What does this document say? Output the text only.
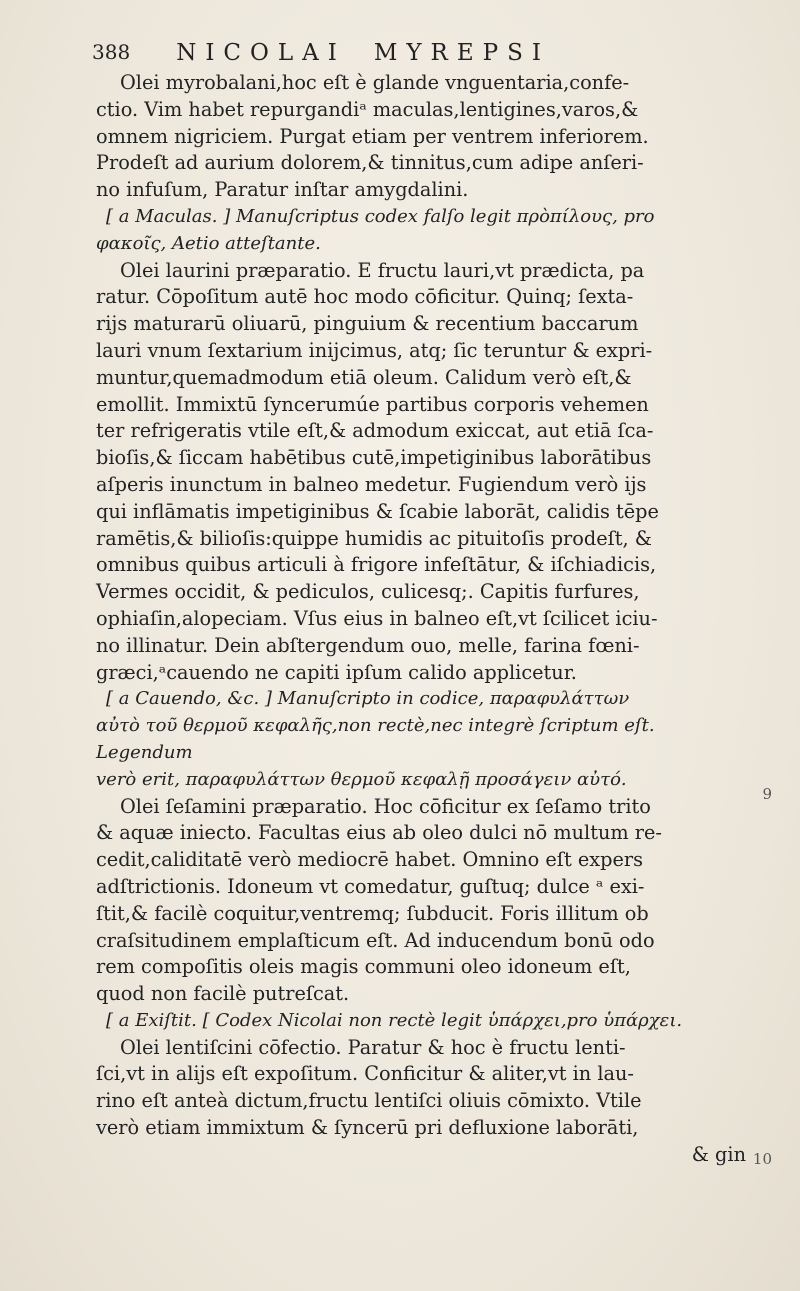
388 NICOLAI MYREPSI

Olei myrobalani,hoc eſt è glande vnguentaria,confe-

ctio. Vim habet repurgandiᵃ maculas,lentigines,varos,&

omnem nigriciem. Purgat etiam per ventrem inferiorem.

Prodeſt ad aurium dolorem,& tinnitus,cum adipe anſeri-

no infuſum, Paratur inſtar amygdalini.

[ a Maculas. ] Manuſcriptus codex falſo legit πρὸπίλους, pro

φακοῖς, Aetio atteſtante.

Olei laurini præparatio. E fructu lauri,vt prædicta, pa

ratur. Cōpoſitum autē hoc modo cōficitur. Quinq; ſexta-

rijs maturarū oliuarū, pinguium & recentium baccarum

lauri vnum ſextarium inijcimus, atq; ſic teruntur & expri-

muntur,quemadmodum etiā oleum. Calidum verò eſt,&

emollit. Immixtū ſyncerumúe partibus corporis vehemen

ter refrigeratis vtile eſt,& admodum exiccat, aut etiā ſca-

bioſis,& ſiccam habētibus cutē,impetiginibus laborātibus

aſperis inunctum in balneo medetur. Fugiendum verò ijs

qui inflāmatis impetiginibus & ſcabie laborāt, calidis tēpe

ramētis,& bilioſis:quippe humidis ac pituitoſis prodeſt, &

omnibus quibus articuli à frigore infeſtātur, & iſchiadicis,

Vermes occidit, & pediculos, culicesq;. Capitis furfures,

ophiaſin,alopeciam. Vſus eius in balneo eſt,vt ſcilicet iciu-

no illinatur. Dein abſtergendum ouo, melle, farina fœni-

græci,ᵃcauendo ne capiti ipſum calido applicetur.

[ a Cauendo, &c. ] Manuſcripto in codice, παραφυλάττων

αὐτὸ τοῦ θερμοῦ κεφαλῆς,non rectè,nec integrè ſcriptum eſt. Legendum

verò erit, παραφυλάττων θερμοῦ κεφαλῇ προσάγειν αὐτό.

Olei ſeſamini præparatio. Hoc cōficitur ex ſeſamo trito

& aquæ iniecto. Facultas eius ab oleo dulci nō multum re-

cedit,caliditatē verò mediocrē habet. Omnino eſt expers

adſtrictionis. Idoneum vt comedatur, guſtuq; dulce ᵃ exi-

ſtit,& facilè coquitur,ventremq; ſubducit. Foris illitum ob

craſsitudinem emplaſticum eſt. Ad inducendum bonū odo

rem compoſitis oleis magis communi oleo idoneum eſt,

quod non facilè putreſcat.

[ a Exiſtit. [ Codex Nicolai non rectè legit ὑπάρχει,pro ὑπάρχει.

Olei lentiſcini cōfectio. Paratur & hoc è fructu lenti-

ſci,vt in alijs eſt expoſitum. Conficitur & aliter,vt in lau-

rino eſt anteà dictum,fructu lentiſci oliuis cōmixto. Vtile

verò etiam immixtum & ſyncerū pri defluxione laborāti,

& gin

9
10
